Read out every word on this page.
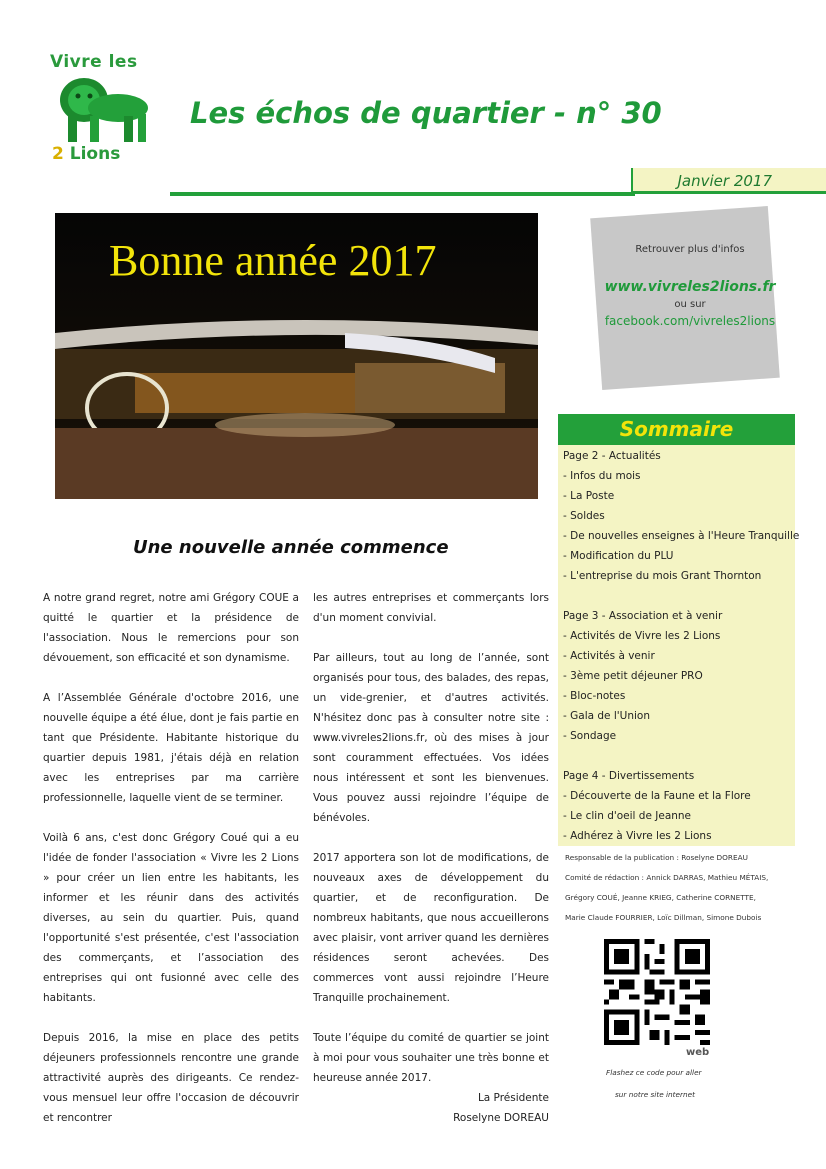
Vivre les
2 Lions
Les échos de quartier - n° 30
Janvier 2017
Bonne année 2017	Retrouver plus d'infos
www.vivreles2lions.fr
ou sur
facebook.com/vivreles2lions
Sommaire
Page 2 - Actualités
- Infos du mois
- La Poste
- Soldes
- De nouvelles enseignes à l'Heure Tranquille
- Modification du PLU
- L'entreprise du mois Grant Thornton
Page 3 - Association et à venir
- Activités de Vivre les 2 Lions
- Activités à venir
- 3ème petit déjeuner PRO
- Bloc-notes
- Gala de l'Union
- Sondage
Page 4 - Divertissements
- Découverte de la Faune et la Flore
- Le clin d'oeil de Jeanne
- Adhérez à Vivre les 2 Lions
Responsable de la publication : Roselyne DOREAU
Comité de rédaction : Annick DARRAS, Mathieu MÉTAIS,
Grégory COUÉ, Jeanne KRIEG, Catherine CORNETTE,
Marie Claude FOURRIER, Loïc Dillman, Simone Dubois
web
Flashez ce code pour aller
sur notre site internet
Une nouvelle année commence

A notre grand regret, notre ami Grégory COUE a quitté le quartier et la présidence de l'association. Nous le remercions pour son dévouement, son efficacité et son dynamisme.

A l’Assemblée Générale d'octobre 2016, une nouvelle équipe a été élue, dont je fais partie en tant que Présidente. Habitante historique du quartier depuis 1981, j'étais déjà en relation avec les entreprises par ma carrière professionnelle, laquelle vient de se terminer.

Voilà 6 ans, c'est donc Grégory Coué qui a eu l'idée de fonder l'association « Vivre les 2 Lions » pour créer un lien entre les habitants, les informer et les réunir dans des activités diverses, au sein du quartier. Puis, quand l'opportunité s'est présentée, c'est l'association des commerçants, et l’association des entreprises qui ont fusionné avec celle des habitants.

Depuis 2016, la mise en place des petits déjeuners professionnels rencontre une grande attractivité auprès des dirigeants. Ce rendez-vous mensuel leur offre l'occasion de découvrir et rencontrer

les autres entreprises et commerçants lors d'un moment convivial.

Par ailleurs, tout au long de l’année, sont organisés pour tous, des balades, des repas, un vide-grenier, et d'autres activités. N'hésitez donc pas à consulter notre site : www.vivreles2lions.fr, où des mises à jour sont couramment effectuées. Vos idées nous intéressent et sont les bienvenues. Vous pouvez aussi rejoindre l’équipe de bénévoles.

2017 apportera son lot de modifications, de nouveaux axes de développement du quartier, et de reconfiguration. De nombreux habitants, que nous accueillerons avec plaisir, vont arriver quand les dernières résidences seront achevées. Des commerces vont aussi rejoindre l’Heure Tranquille prochainement.

Toute l’équipe du comité de quartier se joint à moi pour vous souhaiter une très bonne et heureuse année 2017.

La Présidente

Roselyne DOREAU
